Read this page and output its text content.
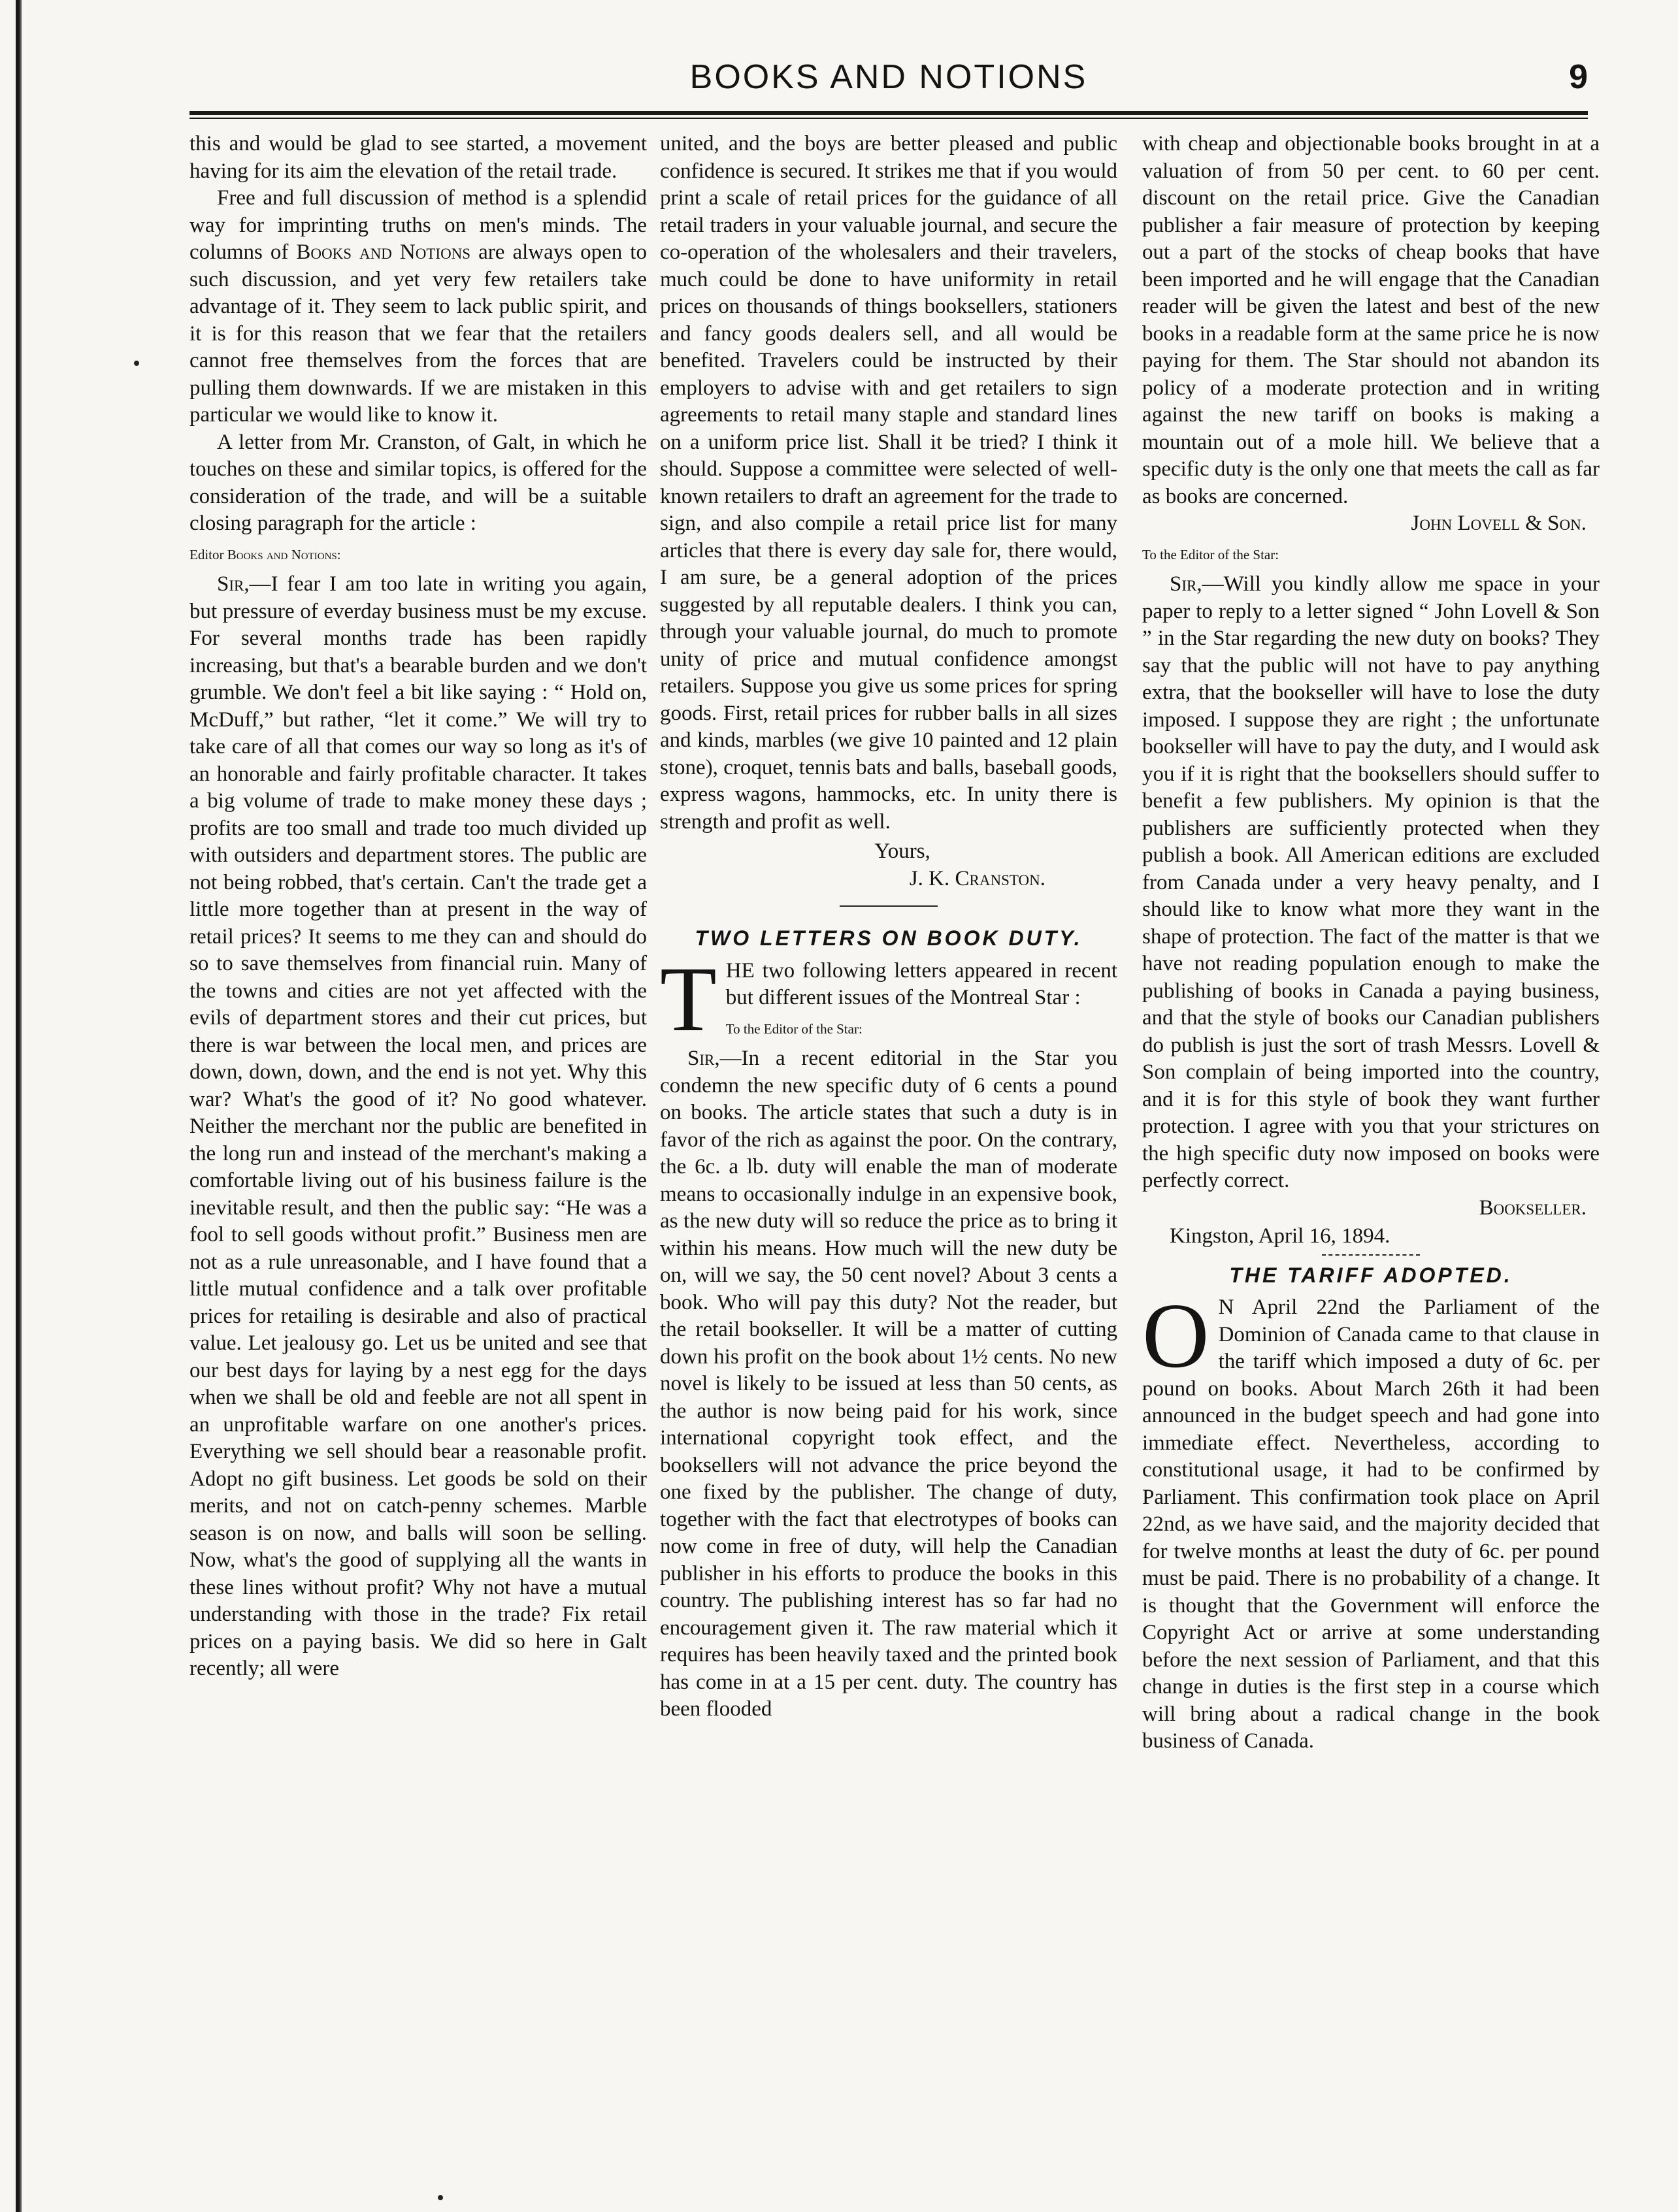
BOOKS AND NOTIONS	9

this and would be glad to see started, a movement having for its aim the elevation of the retail trade.

Free and full discussion of method is a splendid way for imprinting truths on men's minds. The columns of Books and Notions are always open to such discussion, and yet very few retailers take advantage of it. They seem to lack public spirit, and it is for this reason that we fear that the retailers cannot free themselves from the forces that are pulling them downwards. If we are mistaken in this particular we would like to know it.

A letter from Mr. Cranston, of Galt, in which he touches on these and similar topics, is offered for the consideration of the trade, and will be a suitable closing paragraph for the article :

Editor Books and Notions:

Sir,—I fear I am too late in writing you again, but pressure of everday business must be my excuse. For several months trade has been rapidly increasing, but that's a bearable burden and we don't grumble. We don't feel a bit like saying : “ Hold on, McDuff,” but rather, “let it come.” We will try to take care of all that comes our way so long as it's of an honorable and fairly profitable character. It takes a big volume of trade to make money these days ; profits are too small and trade too much divided up with outsiders and department stores. The public are not being robbed, that's certain. Can't the trade get a little more together than at present in the way of retail prices? It seems to me they can and should do so to save themselves from financial ruin. Many of the towns and cities are not yet affected with the evils of department stores and their cut prices, but there is war between the local men, and prices are down, down, down, and the end is not yet. Why this war? What's the good of it? No good whatever. Neither the merchant nor the public are benefited in the long run and instead of the merchant's making a comfortable living out of his business failure is the inevitable result, and then the public say: “He was a fool to sell goods without profit.” Business men are not as a rule unreasonable, and I have found that a little mutual confidence and a talk over profitable prices for retailing is desirable and also of practical value. Let jealousy go. Let us be united and see that our best days for laying by a nest egg for the days when we shall be old and feeble are not all spent in an unprofitable warfare on one another's prices. Everything we sell should bear a reasonable profit. Adopt no gift business. Let goods be sold on their merits, and not on catch-penny schemes. Marble season is on now, and balls will soon be selling. Now, what's the good of supplying all the wants in these lines without profit? Why not have a mutual understanding with those in the trade? Fix retail prices on a paying basis. We did so here in Galt recently; all were

united, and the boys are better pleased and public confidence is secured. It strikes me that if you would print a scale of retail prices for the guidance of all retail traders in your valuable journal, and secure the co-operation of the wholesalers and their travelers, much could be done to have uniformity in retail prices on thousands of things booksellers, stationers and fancy goods dealers sell, and all would be benefited. Travelers could be instructed by their employers to advise with and get retailers to sign agreements to retail many staple and standard lines on a uniform price list. Shall it be tried? I think it should. Suppose a committee were selected of well-known retailers to draft an agreement for the trade to sign, and also compile a retail price list for many articles that there is every day sale for, there would, I am sure, be a general adoption of the prices suggested by all reputable dealers. I think you can, through your valuable journal, do much to promote unity of price and mutual confidence amongst retailers. Suppose you give us some prices for spring goods. First, retail prices for rubber balls in all sizes and kinds, marbles (we give 10 painted and 12 plain stone), croquet, tennis bats and balls, baseball goods, express wagons, hammocks, etc. In unity there is strength and profit as well.

Yours,

J. K. Cranston.

TWO LETTERS ON BOOK DUTY.

THE two following letters appeared in recent but different issues of the Montreal Star :

To the Editor of the Star:

Sir,—In a recent editorial in the Star you condemn the new specific duty of 6 cents a pound on books. The article states that such a duty is in favor of the rich as against the poor. On the contrary, the 6c. a lb. duty will enable the man of moderate means to occasionally indulge in an expensive book, as the new duty will so reduce the price as to bring it within his means. How much will the new duty be on, will we say, the 50 cent novel? About 3 cents a book. Who will pay this duty? Not the reader, but the retail bookseller. It will be a matter of cutting down his profit on the book about 1½ cents. No new novel is likely to be issued at less than 50 cents, as the author is now being paid for his work, since international copyright took effect, and the booksellers will not advance the price beyond the one fixed by the publisher. The change of duty, together with the fact that electrotypes of books can now come in free of duty, will help the Canadian publisher in his efforts to produce the books in this country. The publishing interest has so far had no encouragement given it. The raw material which it requires has been heavily taxed and the printed book has come in at a 15 per cent. duty. The country has been flooded

with cheap and objectionable books brought in at a valuation of from 50 per cent. to 60 per cent. discount on the retail price. Give the Canadian publisher a fair measure of protection by keeping out a part of the stocks of cheap books that have been imported and he will engage that the Canadian reader will be given the latest and best of the new books in a readable form at the same price he is now paying for them. The Star should not abandon its policy of a moderate protection and in writing against the new tariff on books is making a mountain out of a mole hill. We believe that a specific duty is the only one that meets the call as far as books are concerned.

John Lovell & Son.

To the Editor of the Star:

Sir,—Will you kindly allow me space in your paper to reply to a letter signed “ John Lovell & Son ” in the Star regarding the new duty on books? They say that the public will not have to pay anything extra, that the bookseller will have to lose the duty imposed. I suppose they are right ; the unfortunate bookseller will have to pay the duty, and I would ask you if it is right that the booksellers should suffer to benefit a few publishers. My opinion is that the publishers are sufficiently protected when they publish a book. All American editions are excluded from Canada under a very heavy penalty, and I should like to know what more they want in the shape of protection. The fact of the matter is that we have not reading population enough to make the publishing of books in Canada a paying business, and that the style of books our Canadian publishers do publish is just the sort of trash Messrs. Lovell & Son complain of being imported into the country, and it is for this style of book they want further protection. I agree with you that your strictures on the high specific duty now imposed on books were perfectly correct.

Bookseller.

Kingston, April 16, 1894.

THE TARIFF ADOPTED.

O N April 22nd the Parliament of the Dominion of Canada came to that clause in the tariff which imposed a duty of 6c. per pound on books. About March 26th it had been announced in the budget speech and had gone into immediate effect. Nevertheless, according to constitutional usage, it had to be confirmed by Parliament. This confirmation took place on April 22nd, as we have said, and the majority decided that for twelve months at least the duty of 6c. per pound must be paid. There is no probability of a change. It is thought that the Government will enforce the Copyright Act or arrive at some understanding before the next session of Parliament, and that this change in duties is the first step in a course which will bring about a radical change in the book business of Canada.
